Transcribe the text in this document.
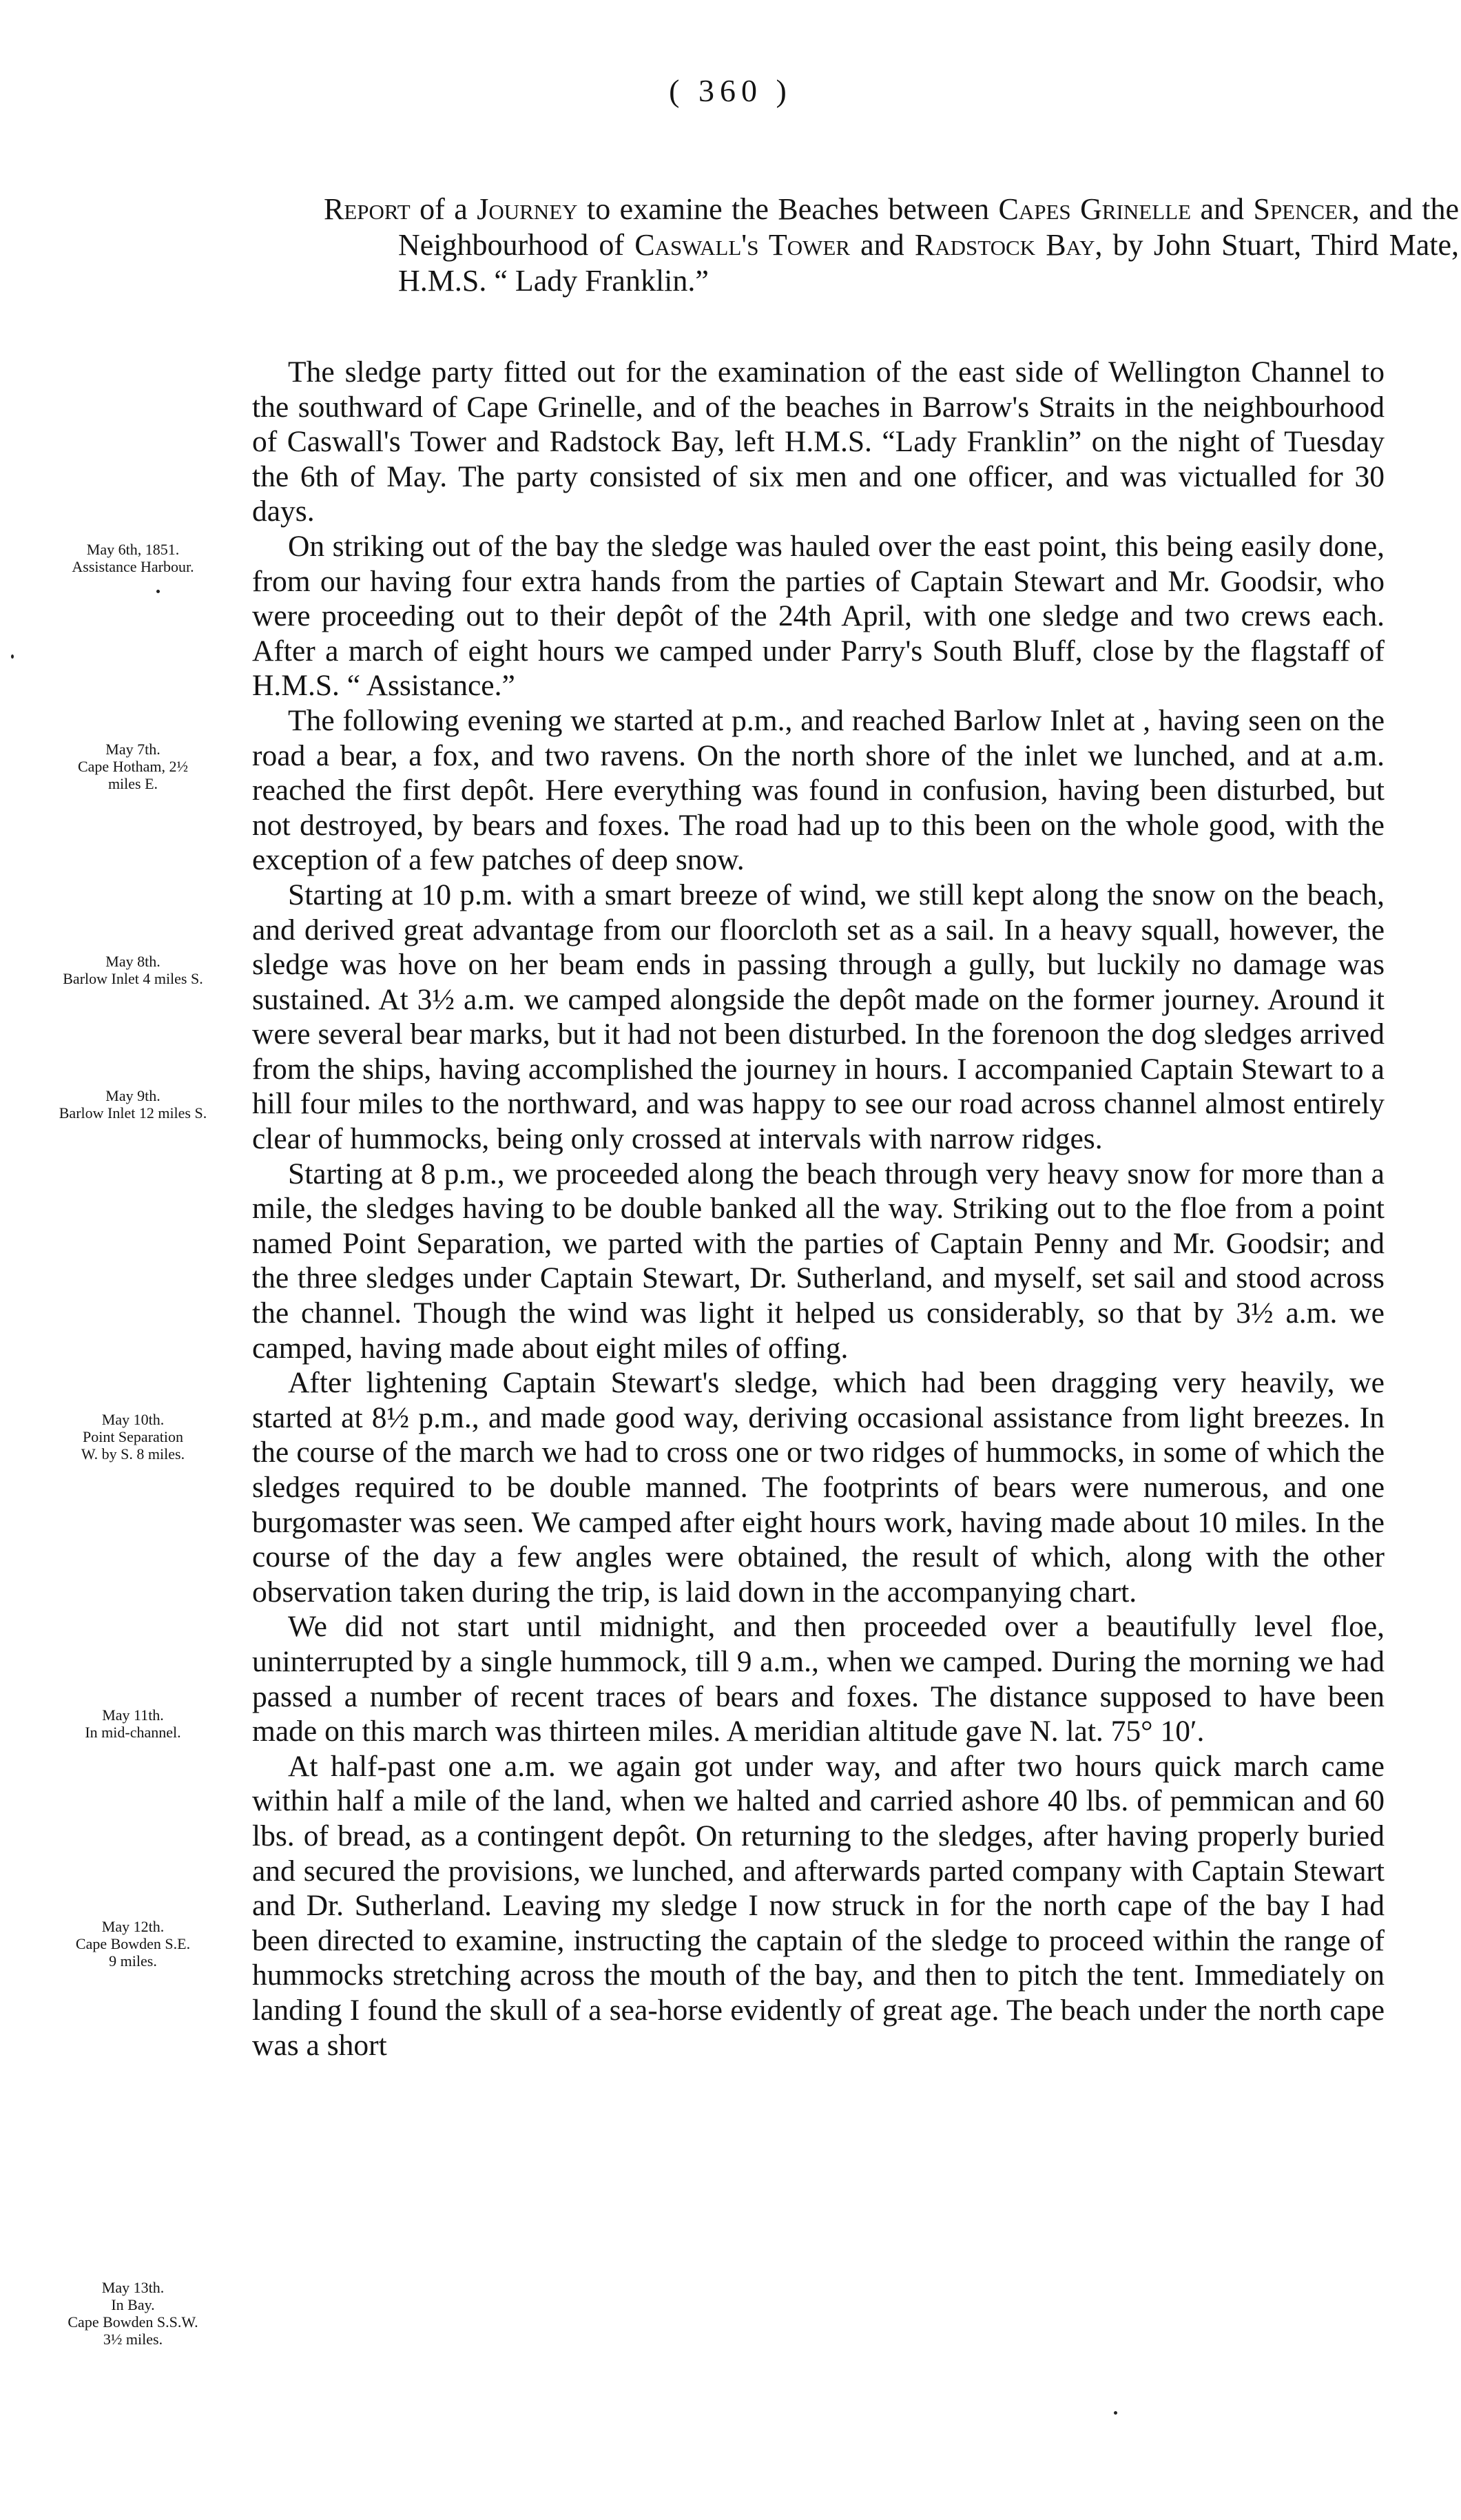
( 360 )
Report of a Journey to examine the Beaches between Capes Grinelle and Spencer, and the Neighbourhood of Caswall's Tower and Radstock Bay, by John Stuart, Third Mate, H.M.S. “ Lady Franklin.”

The sledge party fitted out for the examination of the east side of Wellington Channel to the southward of Cape Grinelle, and of the beaches in Barrow's Straits in the neighbourhood of Caswall's Tower and Radstock Bay, left H.M.S. “Lady Franklin” on the night of Tuesday the 6th of May. The party consisted of six men and one officer, and was victualled for 30 days.

On striking out of the bay the sledge was hauled over the east point, this being easily done, from our having four extra hands from the parties of Captain Stewart and Mr. Goodsir, who were proceeding out to their depôt of the 24th April, with one sledge and two crews each. After a march of eight hours we camped under Parry's South Bluff, close by the flagstaff of H.M.S. “ Assistance.”

The following evening we started at p.m., and reached Barlow Inlet at , having seen on the road a bear, a fox, and two ravens. On the north shore of the inlet we lunched, and at a.m. reached the first depôt. Here everything was found in confusion, having been disturbed, but not destroyed, by bears and foxes. The road had up to this been on the whole good, with the exception of a few patches of deep snow.

Starting at 10 p.m. with a smart breeze of wind, we still kept along the snow on the beach, and derived great advantage from our floorcloth set as a sail. In a heavy squall, however, the sledge was hove on her beam ends in passing through a gully, but luckily no damage was sustained. At 3½ a.m. we camped alongside the depôt made on the former journey. Around it were several bear marks, but it had not been disturbed. In the forenoon the dog sledges arrived from the ships, having accomplished the journey in hours. I accompanied Captain Stewart to a hill four miles to the northward, and was happy to see our road across channel almost entirely clear of hummocks, being only crossed at intervals with narrow ridges.

Starting at 8 p.m., we proceeded along the beach through very heavy snow for more than a mile, the sledges having to be double banked all the way. Striking out to the floe from a point named Point Separation, we parted with the parties of Captain Penny and Mr. Goodsir; and the three sledges under Captain Stewart, Dr. Sutherland, and myself, set sail and stood across the channel. Though the wind was light it helped us considerably, so that by 3½ a.m. we camped, having made about eight miles of offing.

After lightening Captain Stewart's sledge, which had been dragging very heavily, we started at 8½ p.m., and made good way, deriving occasional assistance from light breezes. In the course of the march we had to cross one or two ridges of hummocks, in some of which the sledges required to be double manned. The footprints of bears were numerous, and one burgomaster was seen. We camped after eight hours work, having made about 10 miles. In the course of the day a few angles were obtained, the result of which, along with the other observation taken during the trip, is laid down in the accompanying chart.

We did not start until midnight, and then proceeded over a beautifully level floe, uninterrupted by a single hummock, till 9 a.m., when we camped. During the morning we had passed a number of recent traces of bears and foxes. The distance supposed to have been made on this march was thirteen miles. A meridian altitude gave N. lat. 75° 10′.

At half-past one a.m. we again got under way, and after two hours quick march came within half a mile of the land, when we halted and carried ashore 40 lbs. of pemmican and 60 lbs. of bread, as a contingent depôt. On returning to the sledges, after having properly buried and secured the provisions, we lunched, and afterwards parted company with Captain Stewart and Dr. Sutherland. Leaving my sledge I now struck in for the north cape of the bay I had been directed to examine, instructing the captain of the sledge to proceed within the range of hummocks stretching across the mouth of the bay, and then to pitch the tent. Immediately on landing I found the skull of a sea-horse evidently of great age. The beach under the north cape was a short

May 6th, 1851.
Assistance Harbour.
May 7th.
Cape Hotham, 2½
miles E.
May 8th.
Barlow Inlet 4 miles S.
May 9th.
Barlow Inlet 12 miles S.
May 10th.
Point Separation
W. by S. 8 miles.
May 11th.
In mid-channel.
May 12th.
Cape Bowden S.E.
9 miles.
May 13th.
In Bay.
Cape Bowden S.S.W.
3½ miles.
